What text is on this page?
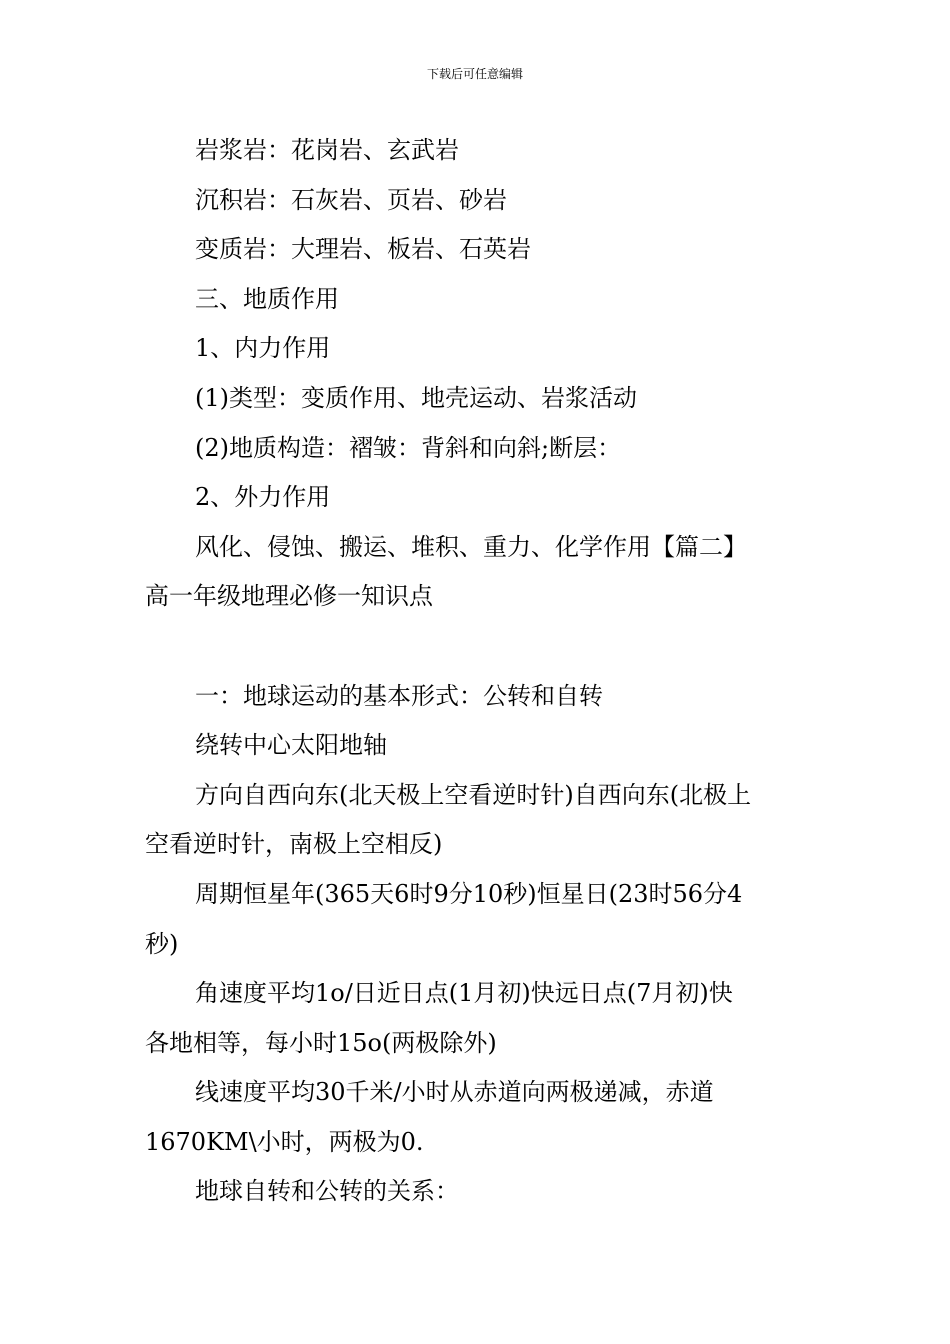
下载后可任意编辑
岩浆岩：花岗岩、玄武岩
沉积岩：石灰岩、页岩、砂岩
变质岩：大理岩、板岩、石英岩
三、地质作用
1、内力作用
(1)类型：变质作用、地壳运动、岩浆活动
(2)地质构造：褶皱：背斜和向斜;断层：
2、外力作用
风化、侵蚀、搬运、堆积、重力、化学作用【篇二】
高一年级地理必修一知识点
一：地球运动的基本形式：公转和自转
绕转中心太阳地轴
方向自西向东(北天极上空看逆时针)自西向东(北极上
空看逆时针，南极上空相反)
周期恒星年(365天6时9分10秒)恒星日(23时56分4
秒)
角速度平均1o/日近日点(1月初)快远日点(7月初)快
各地相等，每小时15o(两极除外)
线速度平均30千米/小时从赤道向两极递减，赤道
1670KM\小时，两极为0.
地球自转和公转的关系：
